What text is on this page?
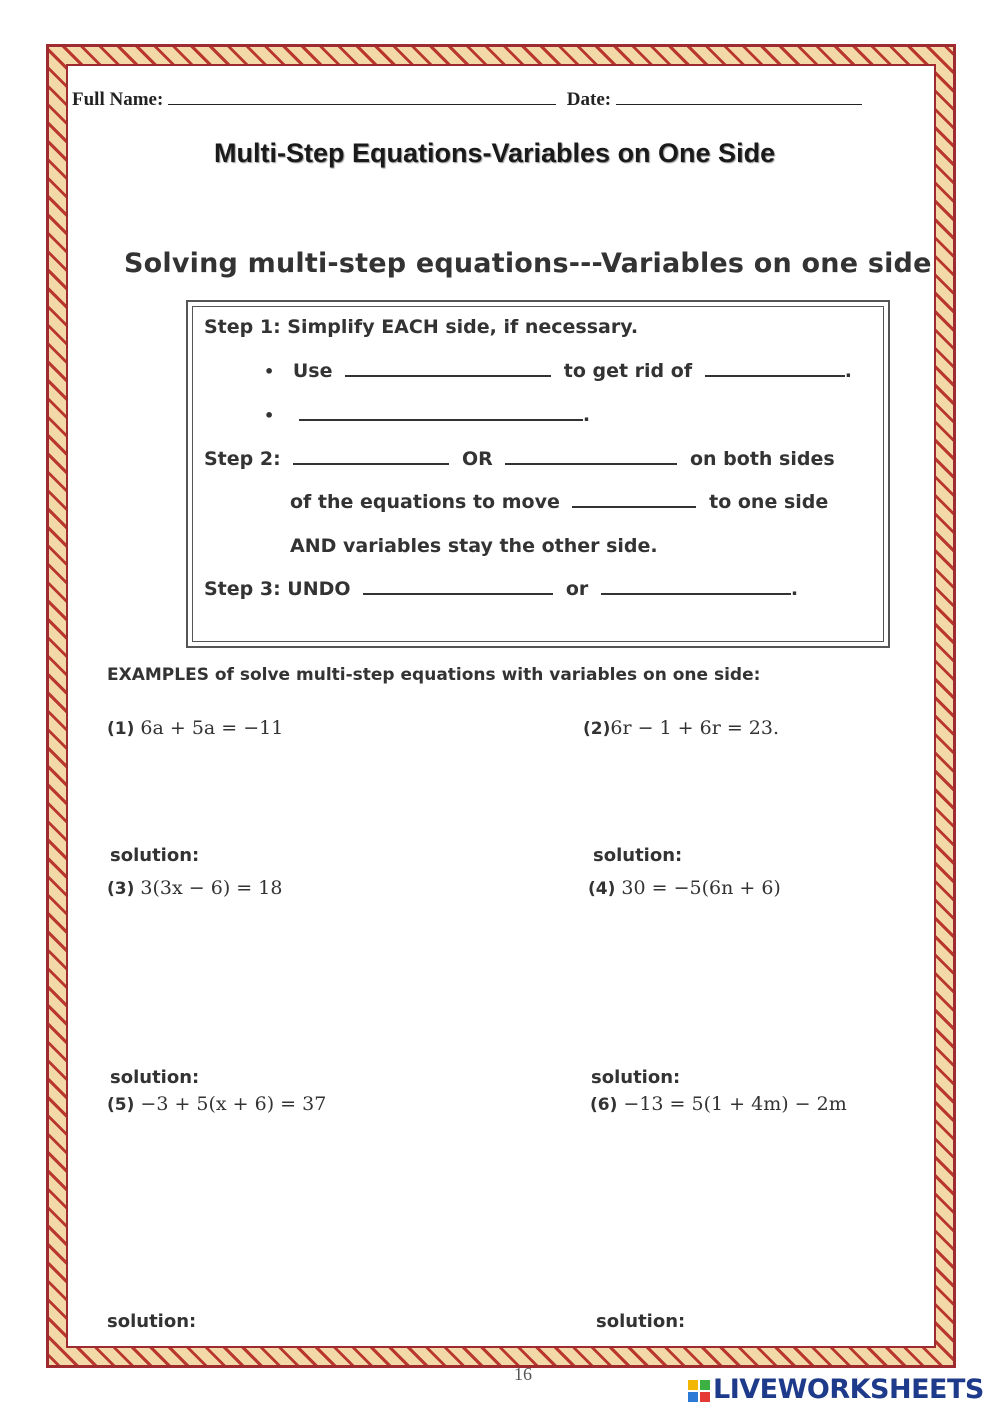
Full Name:	Date:
Multi-Step Equations-Variables on One Side
Solving multi-step equations---Variables on one side
Step 1: Simplify EACH side, if necessary.
• Use	to get rid of	.
•	.
Step 2:	OR	on both sides
of the equations to move	to one side
AND variables stay the other side.
Step 3: UNDO	or	.
EXAMPLES of solve multi-step equations with variables on one side:
(1) 6a + 5a = −11	(2)6r − 1 + 6r = 23.
solution:	solution:
(3) 3(3x − 6) = 18	(4) 30 = −5(6n + 6)
solution:	solution:
(5) −3 + 5(x + 6) = 37	(6) −13 = 5(1 + 4m) − 2m
solution:	solution:
16	LIVEWORKSHEETS
